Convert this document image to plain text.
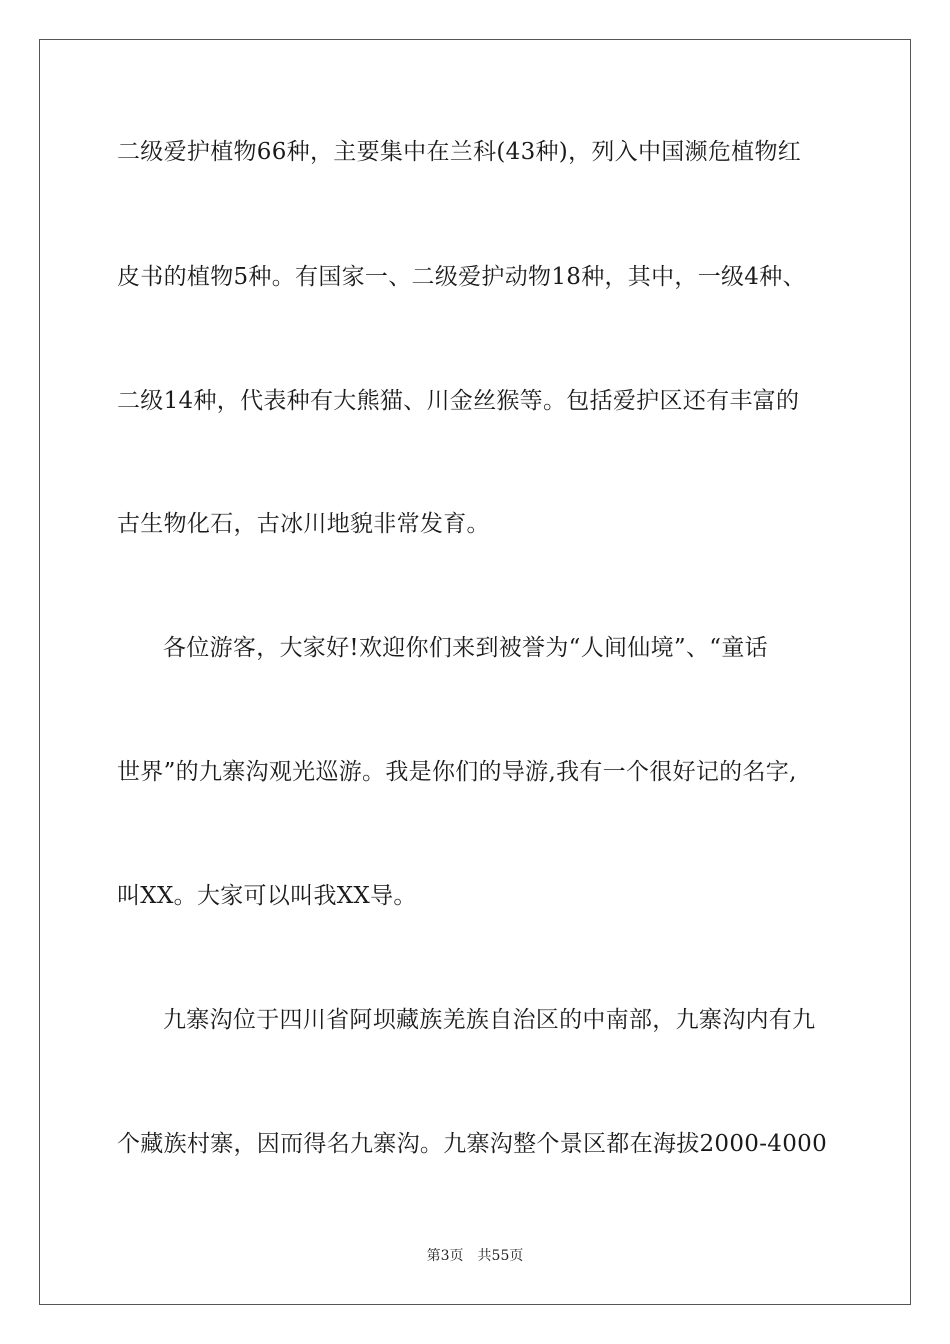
二级爱护植物66种，主要集中在兰科(43种)，列入中国濒危植物红
皮书的植物5种。有国家一、二级爱护动物18种，其中，一级4种、
二级14种，代表种有大熊猫、川金丝猴等。包括爱护区还有丰富的
古生物化石，古冰川地貌非常发育。
各位游客，大家好!欢迎你们来到被誉为“人间仙境”、“童话
世界”的九寨沟观光巡游。我是你们的导游,我有一个很好记的名字,
叫XX。大家可以叫我XX导。
九寨沟位于四川省阿坝藏族羌族自治区的中南部，九寨沟内有九
个藏族村寨，因而得名九寨沟。九寨沟整个景区都在海拔2000-4000
第3页 共55页
